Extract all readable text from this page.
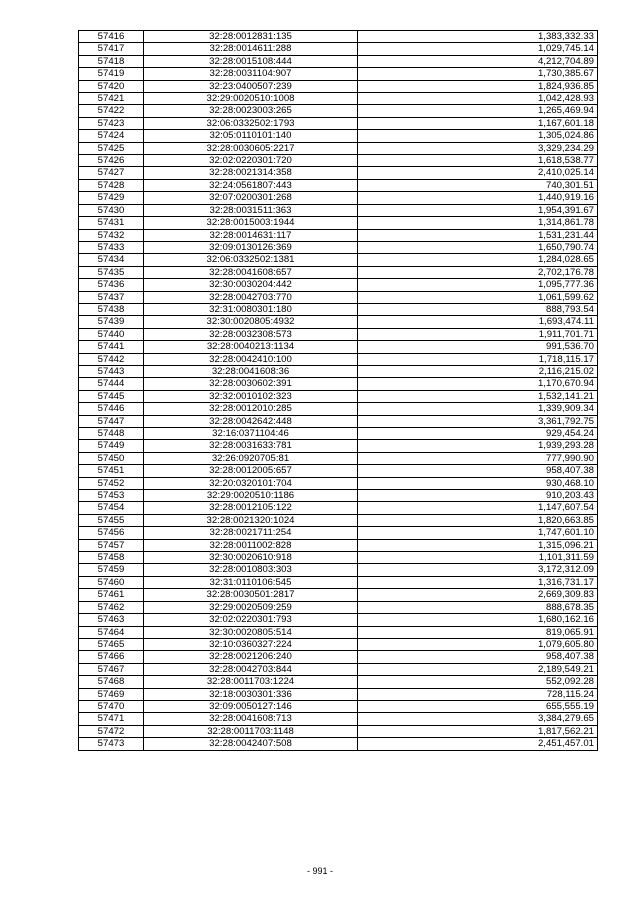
57416	32:28:0012831:135	1,383,332.33
57417	32:28:0014611:288	1,029,745.14
57418	32:28:0015108:444	4,212,704.89
57419	32:28:0031104:907	1,730,385.67
57420	32:23:0400507:239	1,824,936.85
57421	32:29:0020510:1008	1,042,428.93
57422	32:28:0023003:265	1,265,469.94
57423	32:06:0332502:1793	1,167,601.18
57424	32:05:0110101:140	1,305,024.86
57425	32:28:0030605:2217	3,329,234.29
57426	32:02:0220301:720	1,618,538.77
57427	32:28:0021314:358	2,410,025.14
57428	32:24:0561807:443	740,301.51
57429	32:07:0200301:268	1,440,919.16
57430	32:28:0031511:363	1,954,391.67
57431	32:28:0015003:1944	1,314,861.78
57432	32:28:0014631:117	1,531,231.44
57433	32:09:0130126:369	1,650,790.74
57434	32:06:0332502:1381	1,284,028.65
57435	32:28:0041608:657	2,702,176.78
57436	32:30:0030204:442	1,095,777.36
57437	32:28:0042703:770	1,061,599.62
57438	32:31:0080301:180	888,793.54
57439	32:30:0020805:4932	1,693,474.11
57440	32:28:0032308:573	1,911,701.71
57441	32:28:0040213:1134	991,536.70
57442	32:28:0042410:100	1,718,115.17
57443	32:28:0041608:36	2,116,215.02
57444	32:28:0030602:391	1,170,670.94
57445	32:32:0010102:323	1,532,141.21
57446	32:28:0012010:285	1,339,909.34
57447	32:28:0042642:448	3,361,792.75
57448	32:16:0371104:46	929,454.24
57449	32:28:0031633:781	1,939,293.28
57450	32:26:0920705:81	777,990.90
57451	32:28:0012005:657	958,407.38
57452	32:20:0320101:704	930,468.10
57453	32:29:0020510:1186	910,203.43
57454	32:28:0012105:122	1,147,607.54
57455	32:28:0021320:1024	1,820,663.85
57456	32:28:0021711:254	1,747,601.10
57457	32:28:0011002:828	1,315,096.21
57458	32:30:0020610:918	1,101,311.59
57459	32:28:0010803:303	3,172,312.09
57460	32:31:0110106:545	1,316,731.17
57461	32:28:0030501:2817	2,669,309.83
57462	32:29:0020509:259	888,678.35
57463	32:02:0220301:793	1,680,162.16
57464	32:30:0020805:514	819,065.91
57465	32:10:0360327:224	1,079,605.80
57466	32:28:0021206:240	958,407.38
57467	32:28:0042703:844	2,189,549.21
57468	32:28:0011703:1224	552,092.28
57469	32:18:0030301:336	728,115.24
57470	32:09:0050127:146	655,555.19
57471	32:28:0041608:713	3,384,279.65
57472	32:28:0011703:1148	1,817,562.21
57473	32:28:0042407:508	2,451,457.01
- 991 -
